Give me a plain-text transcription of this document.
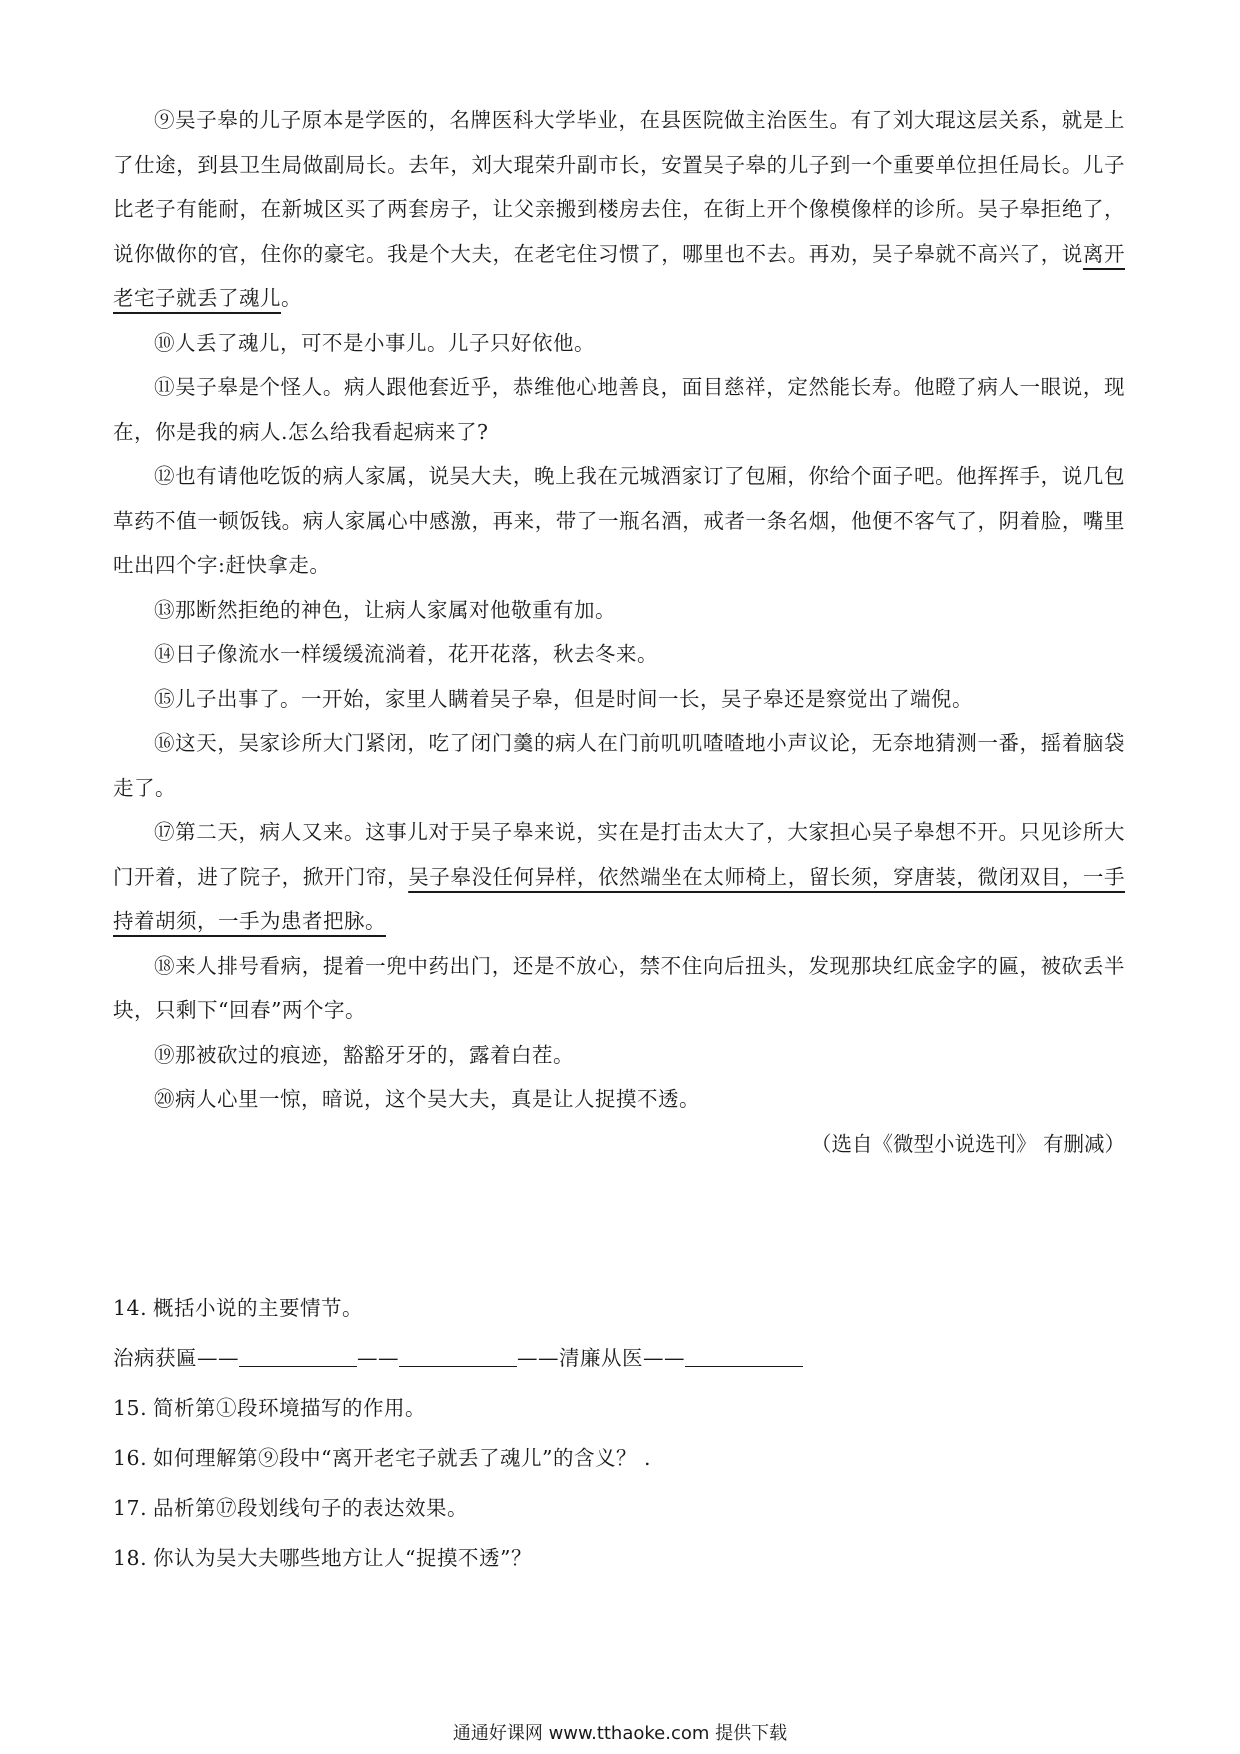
⑨吴子皋的儿子原本是学医的，名牌医科大学毕业，在县医院做主治医生。有了刘大琨这层关系，就是上了仕途，到县卫生局做副局长。去年，刘大琨荣升副市长，安置吴子皋的儿子到一个重要单位担任局长。儿子比老子有能耐，在新城区买了两套房子，让父亲搬到楼房去住，在街上开个像模像样的诊所。吴子皋拒绝了，说你做你的官，住你的豪宅。我是个大夫，在老宅住习惯了，哪里也不去。再劝，吴子皋就不高兴了，说离开老宅子就丢了魂儿。

⑩人丢了魂儿，可不是小事儿。儿子只好依他。

⑪吴子皋是个怪人。病人跟他套近乎，恭维他心地善良，面目慈祥，定然能长寿。他瞪了病人一眼说，现在，你是我的病人.怎么给我看起病来了?

⑫也有请他吃饭的病人家属，说吴大夫，晚上我在元城酒家订了包厢，你给个面子吧。他挥挥手，说几包草药不值一顿饭钱。病人家属心中感激，再来，带了一瓶名酒，戒者一条名烟，他便不客气了，阴着脸，嘴里吐出四个字:赶快拿走。

⑬那断然拒绝的神色，让病人家属对他敬重有加。

⑭日子像流水一样缓缓流淌着，花开花落，秋去冬来。

⑮儿子出事了。一开始，家里人瞒着吴子皋，但是时间一长，吴子皋还是察觉出了端倪。

⑯这天，吴家诊所大门紧闭，吃了闭门羹的病人在门前叽叽喳喳地小声议论，无奈地猜测一番，摇着脑袋走了。

⑰第二天，病人又来。这事儿对于吴子皋来说，实在是打击太大了，大家担心吴子皋想不开。只见诊所大门开着，进了院子，掀开门帘，吴子皋没任何异样，依然端坐在太师椅上，留长须，穿唐装，微闭双目，一手持着胡须，一手为患者把脉。

⑱来人排号看病，提着一兜中药出门，还是不放心，禁不住向后扭头，发现那块红底金字的匾，被砍丢半块，只剩下“回春”两个字。

⑲那被砍过的痕迹，豁豁牙牙的，露着白茬。

⑳病人心里一惊，暗说，这个吴大夫，真是让人捉摸不透。

（选自《微型小说选刊》 有删减）

14. 概括小说的主要情节。

治病获匾——	——	——清廉从医——

15. 简析第①段环境描写的作用。

16. 如何理解第⑨段中“离开老宅子就丢了魂儿”的含义？ .

17. 品析第⑰段划线句子的表达效果。

18. 你认为吴大夫哪些地方让人“捉摸不透”？

通通好课网 www.tthaoke.com 提供下载
